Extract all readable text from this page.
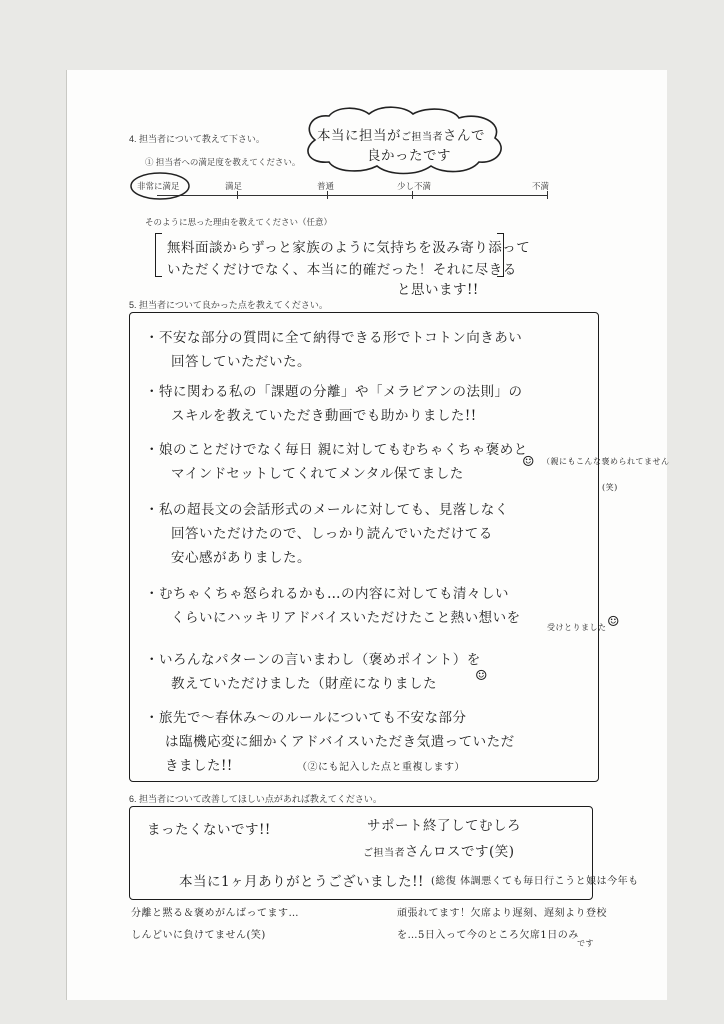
4. 担当者について教えて下さい。
① 担当者への満足度を教えてください。
本当に担当がご担当者さんで
良かったです
非常に満足	満足	普通	少し不満	不満
そのように思った理由を教えてください（任意）
無料面談からずっと家族のように気持ちを汲み寄り添って
いただくだけでなく、本当に的確だった！それに尽きる
と思います!!
5. 担当者について良かった点を教えてください。
・不安な部分の質問に全て納得できる形でトコトン向きあい
回答していただいた。
・特に関わる私の「課題の分離」や「メラビアンの法則」の
スキルを教えていただき動画でも助かりました!!
・娘のことだけでなく毎日 親に対してもむちゃくちゃ褒めと
マインドセットしてくれてメンタル保てました
☺ （親にもこんな褒められてません
(笑)
・私の超長文の会話形式のメールに対しても、見落しなく
回答いただけたので、しっかり読んでいただけてる
安心感がありました。
・むちゃくちゃ怒られるかも…の内容に対しても清々しい
くらいにハッキリアドバイスいただけたこと熱い想いを
受けとりました ☺
・いろんなパターンの言いまわし（褒めポイント）を
教えていただけました（財産になりました	☺
・旅先で〜春休み〜のルールについても不安な部分
は臨機応変に細かくアドバイスいただき気遣っていただ
きました!!	（②にも記入した点と重複します）
6. 担当者について改善してほしい点があれば教えてください。
まったくないです!!	サポート終了してむしろ
ご担当者さんロスです(笑)
本当に1ヶ月ありがとうございました!! (総復 体調悪くても毎日行こうと娘は今年も
分離と黙る＆褒めがんばってます…	頑張れてます！欠席より遅刻、遅刻より登校
しんどいに負けてません(笑)	を…5日入って今のところ欠席1日のみ
です
